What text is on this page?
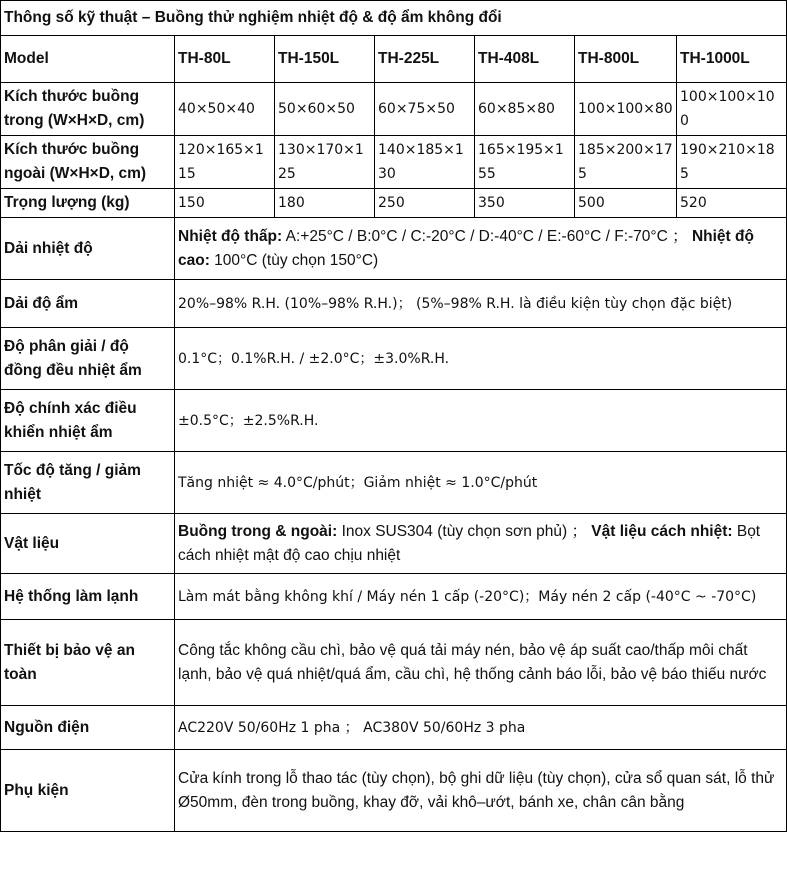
Thông số kỹ thuật – Buồng thử nghiệm nhiệt độ & độ ẩm không đổi						
Model	TH-80L	TH-150L	TH-225L	TH-408L	TH-800L	TH-1000L
Kích thước buồng trong (W×H×D, cm)	40×50×40	50×60×50	60×75×50	60×85×80	100×100×80	100×100×100
Kích thước buồng ngoài (W×H×D, cm)	120×165×115	130×170×125	140×185×130	165×195×155	185×200×175	190×210×185
Trọng lượng (kg)	150	180	250	350	500	520
Dải nhiệt độ	Nhiệt độ thấp: A:+25°C / B:0°C / C:-20°C / D:-40°C / E:-60°C / F:-70°C ； Nhiệt độ cao: 100°C (tùy chọn 150°C)					
Dải độ ẩm	20%–98% R.H. (10%–98% R.H.)； (5%–98% R.H. là điều kiện tùy chọn đặc biệt)					
Độ phân giải / độ đồng đều nhiệt ẩm	0.1°C；0.1%R.H. / ±2.0°C；±3.0%R.H.					
Độ chính xác điều khiển nhiệt ẩm	±0.5°C；±2.5%R.H.					
Tốc độ tăng / giảm nhiệt	Tăng nhiệt ≈ 4.0°C/phút；Giảm nhiệt ≈ 1.0°C/phút					
Vật liệu	Buồng trong & ngoài: Inox SUS304 (tùy chọn sơn phủ) ； Vật liệu cách nhiệt: Bọt cách nhiệt mật độ cao chịu nhiệt					
Hệ thống làm lạnh	Làm mát bằng không khí / Máy nén 1 cấp (-20°C)；Máy nén 2 cấp (-40°C ~ -70°C)					
Thiết bị bảo vệ an toàn	Công tắc không cầu chì, bảo vệ quá tải máy nén, bảo vệ áp suất cao/thấp môi chất lạnh, bảo vệ quá nhiệt/quá ẩm, cầu chì, hệ thống cảnh báo lỗi, bảo vệ báo thiếu nước					
Nguồn điện	AC220V 50/60Hz 1 pha ； AC380V 50/60Hz 3 pha					
Phụ kiện	Cửa kính trong lỗ thao tác (tùy chọn), bộ ghi dữ liệu (tùy chọn), cửa sổ quan sát, lỗ thử Ø50mm, đèn trong buồng, khay đỡ, vải khô–ướt, bánh xe, chân cân bằng					
